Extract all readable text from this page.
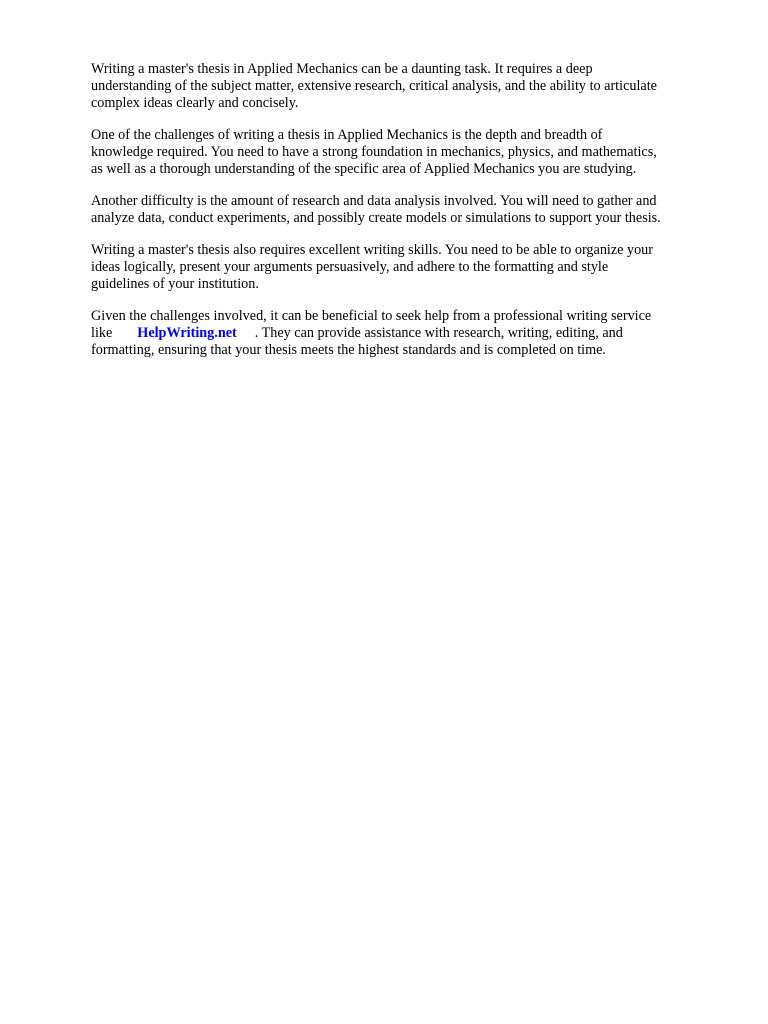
Writing a master's thesis in Applied Mechanics can be a daunting task. It requires a deep
understanding of the subject matter, extensive research, critical analysis, and the ability to articulate
complex ideas clearly and concisely.

One of the challenges of writing a thesis in Applied Mechanics is the depth and breadth of
knowledge required. You need to have a strong foundation in mechanics, physics, and mathematics,
as well as a thorough understanding of the specific area of Applied Mechanics you are studying.

Another difficulty is the amount of research and data analysis involved. You will need to gather and
analyze data, conduct experiments, and possibly create models or simulations to support your thesis.

Writing a master's thesis also requires excellent writing skills. You need to be able to organize your
ideas logically, present your arguments persuasively, and adhere to the formatting and style
guidelines of your institution.

Given the challenges involved, it can be beneficial to seek help from a professional writing service
like HelpWriting.net . They can provide assistance with research, writing, editing, and
formatting, ensuring that your thesis meets the highest standards and is completed on time.
